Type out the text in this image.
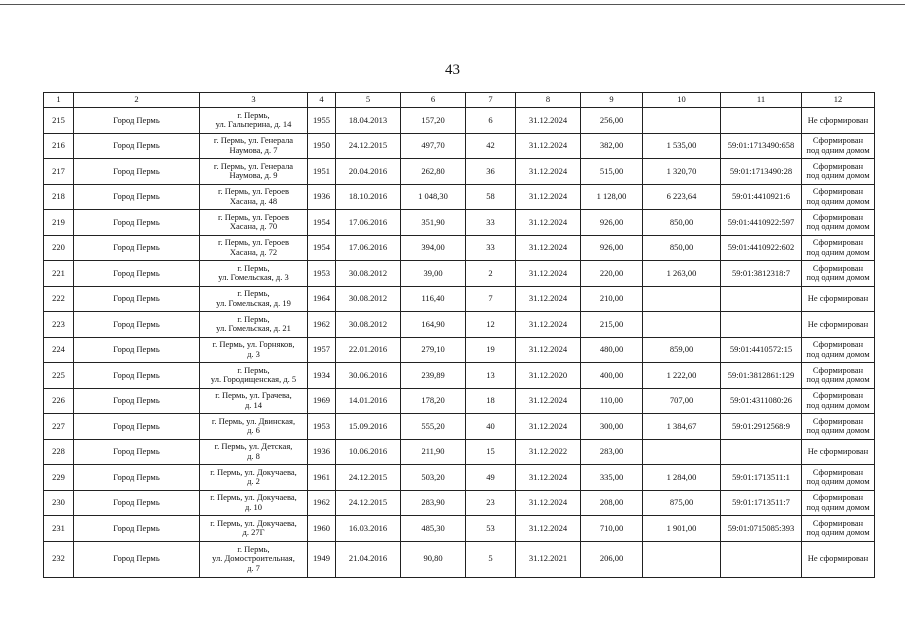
43
1	2	3	4	5	6	7	8	9	10	11	12
215	Город Пермь	г. Пермь,
ул. Гальперина, д. 14	1955	18.04.2013	157,20	6	31.12.2024	256,00			Не сформирован
216	Город Пермь	г. Пермь, ул. Генерала
Наумова, д. 7	1950	24.12.2015	497,70	42	31.12.2024	382,00	1 535,00	59:01:1713490:658	Сформирован
под одним домом
217	Город Пермь	г. Пермь, ул. Генерала
Наумова, д. 9	1951	20.04.2016	262,80	36	31.12.2024	515,00	1 320,70	59:01:1713490:28	Сформирован
под одним домом
218	Город Пермь	г. Пермь, ул. Героев
Хасана, д. 48	1936	18.10.2016	1 048,30	58	31.12.2024	1 128,00	6 223,64	59:01:4410921:6	Сформирован
под одним домом
219	Город Пермь	г. Пермь, ул. Героев
Хасана, д. 70	1954	17.06.2016	351,90	33	31.12.2024	926,00	850,00	59:01:4410922:597	Сформирован
под одним домом
220	Город Пермь	г. Пермь, ул. Героев
Хасана, д. 72	1954	17.06.2016	394,00	33	31.12.2024	926,00	850,00	59:01:4410922:602	Сформирован
под одним домом
221	Город Пермь	г. Пермь,
ул. Гомельская, д. 3	1953	30.08.2012	39,00	2	31.12.2024	220,00	1 263,00	59:01:3812318:7	Сформирован
под одним домом
222	Город Пермь	г. Пермь,
ул. Гомельская, д. 19	1964	30.08.2012	116,40	7	31.12.2024	210,00			Не сформирован
223	Город Пермь	г. Пермь,
ул. Гомельская, д. 21	1962	30.08.2012	164,90	12	31.12.2024	215,00			Не сформирован
224	Город Пермь	г. Пермь, ул. Горняков,
д. 3	1957	22.01.2016	279,10	19	31.12.2024	480,00	859,00	59:01:4410572:15	Сформирован
под одним домом
225	Город Пермь	г. Пермь,
ул. Городищенская, д. 5	1934	30.06.2016	239,89	13	31.12.2020	400,00	1 222,00	59:01:3812861:129	Сформирован
под одним домом
226	Город Пермь	г. Пермь, ул. Грачева,
д. 14	1969	14.01.2016	178,20	18	31.12.2024	110,00	707,00	59:01:4311080:26	Сформирован
под одним домом
227	Город Пермь	г. Пермь, ул. Двинская,
д. 6	1953	15.09.2016	555,20	40	31.12.2024	300,00	1 384,67	59:01:2912568:9	Сформирован
под одним домом
228	Город Пермь	г. Пермь, ул. Детская,
д. 8	1936	10.06.2016	211,90	15	31.12.2022	283,00			Не сформирован
229	Город Пермь	г. Пермь, ул. Докучаева,
д. 2	1961	24.12.2015	503,20	49	31.12.2024	335,00	1 284,00	59:01:1713511:1	Сформирован
под одним домом
230	Город Пермь	г. Пермь, ул. Докучаева,
д. 10	1962	24.12.2015	283,90	23	31.12.2024	208,00	875,00	59:01:1713511:7	Сформирован
под одним домом
231	Город Пермь	г. Пермь, ул. Докучаева,
д. 27Г	1960	16.03.2016	485,30	53	31.12.2024	710,00	1 901,00	59:01:0715085:393	Сформирован
под одним домом
232	Город Пермь	г. Пермь,
ул. Домостроительная,
д. 7	1949	21.04.2016	90,80	5	31.12.2021	206,00			Не сформирован
